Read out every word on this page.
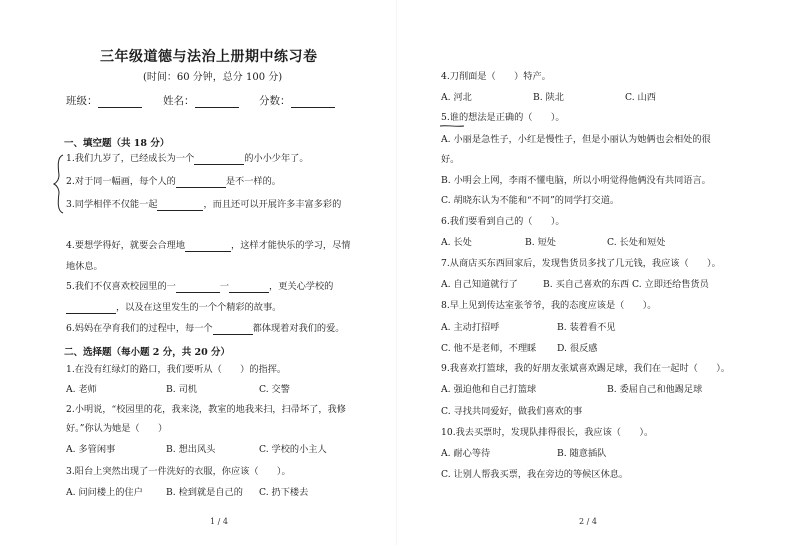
三年级道德与法治上册期中练习卷
(时间：60 分钟，总分 100 分)
班级：	姓名：	分数：
一、填空题（共 18 分）
1.我们九岁了，已经成长为一个	的小小少年了。
2.对于同一幅画，每个人的	是不一样的。
3.同学相伴不仅能一起	，而且还可以开展许多丰富多彩的
4.要想学得好，就要会合理地	，这样才能快乐的学习，尽情
地休息。
5.我们不仅喜欢校园里的一	一	，更关心学校的
，以及在这里发生的一个个精彩的故事。
6.妈妈在孕育我们的过程中，每一个	都体现着对我们的爱。
二、选择题（每小题 2 分，共 20 分）
1.在没有红绿灯的路口，我们要听从（　　）的指挥。
A. 老师	B. 司机	C. 交警
2.小明说，“校园里的花，我来浇，教室的地我来扫，扫帚坏了，我修
好。”你认为她是（　　）
A. 多管闲事	B. 想出风头	C. 学校的小主人
3.阳台上突然出现了一件洗好的衣服，你应该（　　）。
A. 问问楼上的住户	B. 检到就是自己的 C. 扔下楼去
1 / 4
4.刀削面是（　　）特产。
A. 河北	B. 陕北	C. 山西
5.谁的想法是正确的（　　）。
A. 小丽是急性子，小红是慢性子，但是小丽认为她俩也会相处的很
好。
B. 小明会上网，李雨不懂电脑，所以小明觉得他俩没有共同语言。
C. 胡晓东认为不能和“不同”的同学打交道。
6.我们要看到自己的（　　）。
A. 长处	B. 短处	C. 长处和短处
7.从商店买东西回家后，发现售货员多找了几元钱，我应该（　　）。
A. 自己知道就行了	B. 买自己喜欢的东西 C. 立即还给售货员
8.早上见到传达室张爷爷，我的态度应该是（　　）。
A. 主动打招呼	B. 装着看不见
C. 他不是老师，不理睬 D. 很反感
9.我喜欢打篮球，我的好朋友张斌喜欢踢足球，我们在一起时（　　）。
A. 强迫他和自己打篮球	B. 委屈自己和他踢足球
C. 寻找共同爱好，做我们喜欢的事
10.我去买票时，发现队排得很长，我应该（　　）。
A. 耐心等待	B. 随意插队
C. 让别人帮我买票，我在旁边的等候区休息。
2 / 4
